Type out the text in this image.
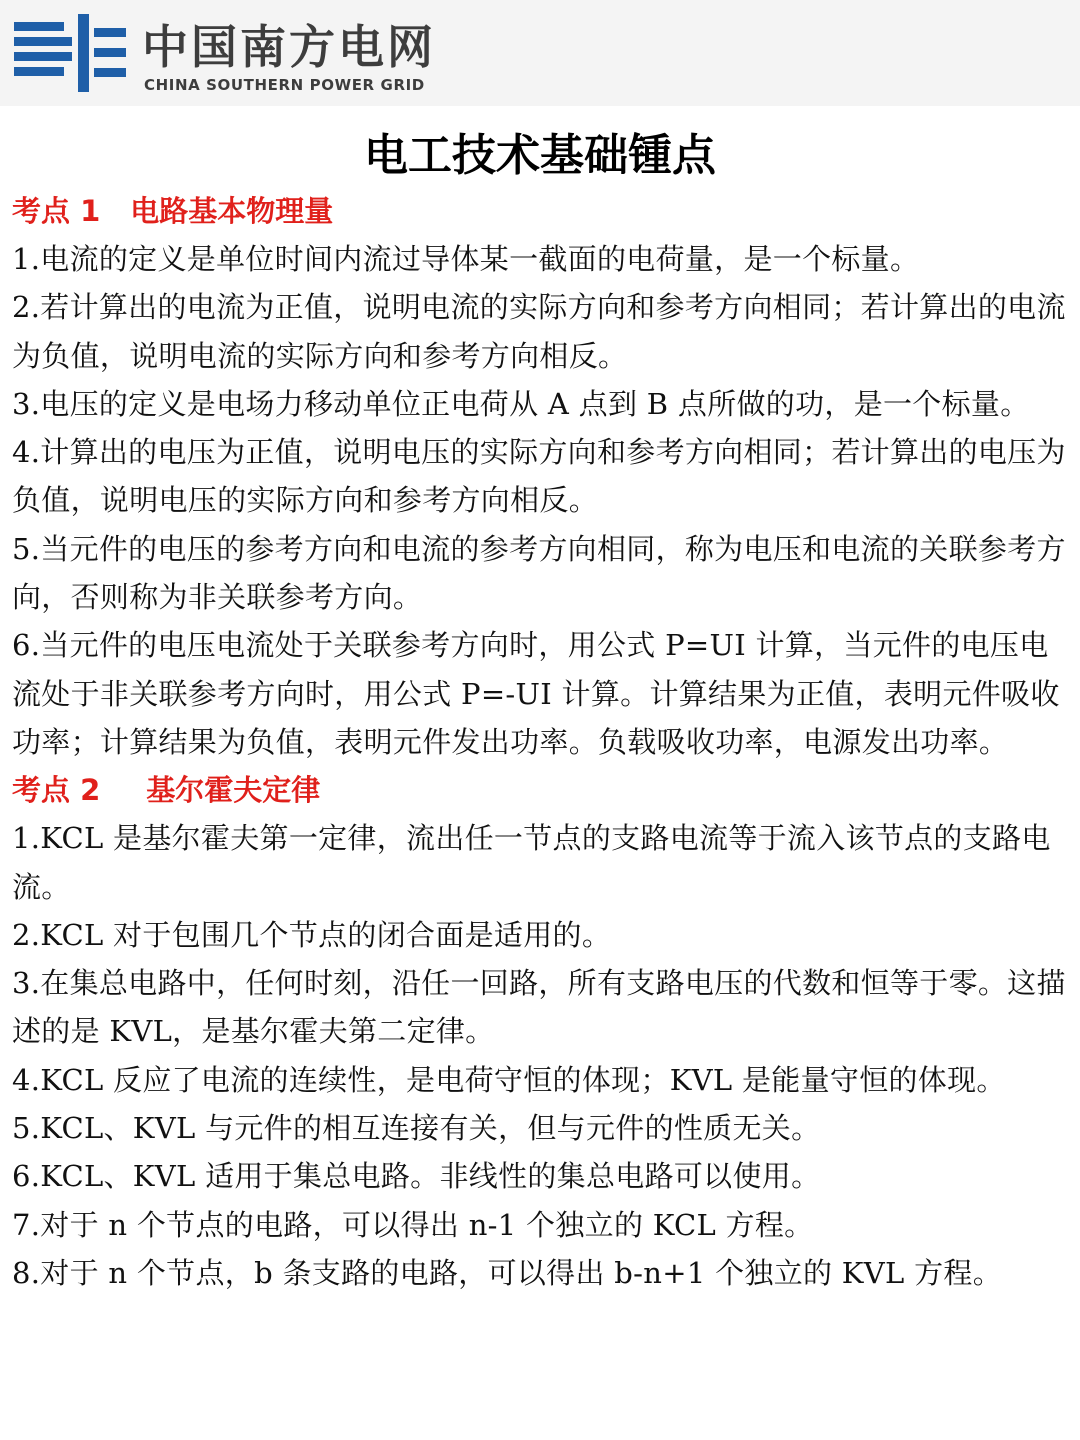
中国南方电网
CHINA SOUTHERN POWER GRID
电工技术基础锺点
考点 1 电路基本物理量
1.电流的定义是单位时间内流过导体某一截面的电荷量，是一个标量。
2.若计算出的电流为正值，说明电流的实际方向和参考方向相同；若计算出的电流为负值，说明电流的实际方向和参考方向相反。
3.电压的定义是电场力移动单位正电荷从 A 点到 B 点所做的功，是一个标量。
4.计算出的电压为正值，说明电压的实际方向和参考方向相同；若计算出的电压为负值，说明电压的实际方向和参考方向相反。
5.当元件的电压的参考方向和电流的参考方向相同，称为电压和电流的关联参考方向，否则称为非关联参考方向。
6.当元件的电压电流处于关联参考方向时，用公式 P=UI 计算，当元件的电压电流处于非关联参考方向时，用公式 P=-UI 计算。计算结果为正值，表明元件吸收功率；计算结果为负值，表明元件发出功率。负载吸收功率，电源发出功率。
考点 2 基尔霍夫定律
1.KCL 是基尔霍夫第一定律，流出任一节点的支路电流等于流入该节点的支路电流。
2.KCL 对于包围几个节点的闭合面是适用的。
3.在集总电路中，任何时刻，沿任一回路，所有支路电压的代数和恒等于零。这描述的是 KVL，是基尔霍夫第二定律。
4.KCL 反应了电流的连续性，是电荷守恒的体现；KVL 是能量守恒的体现。
5.KCL、KVL 与元件的相互连接有关，但与元件的性质无关。
6.KCL、KVL 适用于集总电路。非线性的集总电路可以使用。
7.对于 n 个节点的电路，可以得出 n-1 个独立的 KCL 方程。
8.对于 n 个节点，b 条支路的电路，可以得出 b-n+1 个独立的 KVL 方程。
